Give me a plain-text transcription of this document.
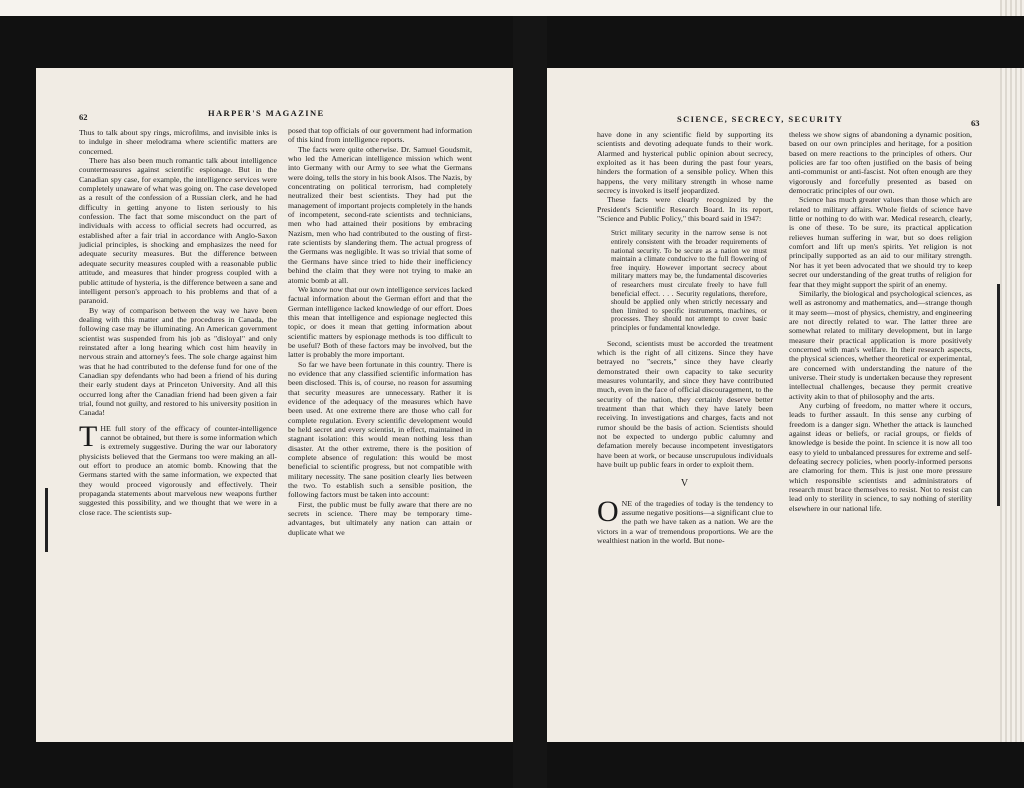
62	HARPER'S MAGAZINE

Thus to talk about spy rings, microfilms, and invisible inks is to indulge in sheer melodrama where scientific matters are concerned.

There has also been much romantic talk about intelligence countermeasures against scientific espionage. But in the Canadian spy case, for example, the intelligence services were completely unaware of what was going on. The case developed as a result of the confession of a Russian clerk, and he had difficulty in getting anyone to listen seriously to his confession. The fact that some misconduct on the part of individuals with access to official secrets had occurred, as established after a fair trial in accordance with Anglo-Saxon judicial principles, is shocking and emphasizes the need for adequate security measures. But the difference between adequate security measures coupled with a reasonable public attitude, and measures that hinder progress coupled with a public attitude of hysteria, is the difference between a sane and intelligent person's approach to his problems and that of a paranoid.

By way of comparison between the way we have been dealing with this matter and the procedures in Canada, the following case may be illuminating. An American government scientist was suspended from his job as "disloyal" and only reinstated after a long hearing which cost him heavily in nervous strain and attorney's fees. The sole charge against him was that he had contributed to the defense fund for one of the Canadian spy defendants who had been a friend of his during their early student days at Princeton University. And all this occurred long after the Canadian friend had been given a fair trial, found not guilty, and restored to his university position in Canada!

THE full story of the efficacy of counter-intelligence cannot be obtained, but there is some information which is extremely suggestive. During the war our laboratory physicists believed that the Germans too were making an all-out effort to produce an atomic bomb. Knowing that the Germans started with the same information, we expected that they would proceed vigorously and effectively. Their propaganda statements about marvelous new weapons further suggested this possibility, and we thought that we were in a close race. The scientists sup-

posed that top officials of our government had information of this kind from intelligence reports.

The facts were quite otherwise. Dr. Samuel Goudsmit, who led the American intelligence mission which went into Germany with our Army to see what the Germans were doing, tells the story in his book Alsos. The Nazis, by concentrating on political terrorism, had completely neutralized their best scientists. They had put the management of important projects completely in the hands of incompetent, second-rate scientists and technicians, men who had attained their positions by embracing Nazism, men who had contributed to the ousting of first-rate scientists by slandering them. The actual progress of the Germans was negligible. It was so trivial that some of the Germans have since tried to hide their inefficiency behind the claim that they were not trying to make an atomic bomb at all.

We know now that our own intelligence services lacked factual information about the German effort and that the German intelligence lacked knowledge of our effort. Does this mean that intelligence and espionage neglected this topic, or does it mean that getting information about scientific matters by espionage methods is too difficult to be useful? Both of these factors may be involved, but the latter is probably the more important.

So far we have been fortunate in this country. There is no evidence that any classified scientific information has been disclosed. This is, of course, no reason for assuming that security measures are unnecessary. Rather it is evidence of the adequacy of the measures which have been used. At one extreme there are those who call for complete regulation. Every scientific development would be held secret and every scientist, in effect, maintained in stagnant isolation: this would mean nothing less than disaster. At the other extreme, there is the position of complete absence of regulation: this would be most beneficial to scientific progress, but not compatible with military necessity. The sane position clearly lies between the two. To establish such a sensible position, the following factors must be taken into account:

First, the public must be fully aware that there are no secrets in science. There may be temporary time-advantages, but ultimately any nation can attain or duplicate what we

SCIENCE, SECRECY, SECURITY	63

have done in any scientific field by supporting its scientists and devoting adequate funds to their work. Alarmed and hysterical public opinion about secrecy, exploited as it has been during the past four years, hinders the formation of a sensible policy. When this happens, the very military strength in whose name secrecy is invoked is itself jeopardized.

These facts were clearly recognized by the President's Scientific Research Board. In its report, "Science and Public Policy," this board said in 1947:

Strict military security in the narrow sense is not entirely consistent with the broader requirements of national security. To be secure as a nation we must maintain a climate conducive to the full flowering of free inquiry. However important secrecy about military matters may be, the fundamental discoveries of researchers must circulate freely to have full beneficial effect. . . . Security regulations, therefore, should be applied only when strictly necessary and then limited to specific instruments, machines, or processes. They should not attempt to cover basic principles or fundamental knowledge.

Second, scientists must be accorded the treatment which is the right of all citizens. Since they have betrayed no "secrets," since they have clearly demonstrated their own capacity to take security measures voluntarily, and since they have contributed much, even in the face of official discouragement, to the security of the nation, they certainly deserve better treatment than that which they have lately been receiving. In investigations and charges, facts and not rumor should be the basis of action. Scientists should not be expected to undergo public calumny and defamation merely because incompetent investigators have been at work, or because unscrupulous individuals have built up public fears in order to exploit them.

V

ONE of the tragedies of today is the tendency to assume negative positions—a significant clue to the path we have taken as a nation. We are the victors in a war of tremendous proportions. We are the wealthiest nation in the world. But none-

theless we show signs of abandoning a dynamic position, based on our own principles and heritage, for a position based on mere reactions to the principles of others. Our policies are far too often justified on the basis of being anti-communist or anti-fascist. Not often enough are they vigorously and forcefully presented as based on democratic principles of our own.

Science has much greater values than those which are related to military affairs. Whole fields of science have little or nothing to do with war. Medical research, clearly, is one of these. To be sure, its practical application relieves human suffering in war, but so does religion comfort and lift up men's spirits. Yet religion is not principally supported as an aid to our military strength. Nor has it yet been advocated that we should try to keep secret our understanding of the great truths of religion for fear that they might support the spirit of an enemy.

Similarly, the biological and psychological sciences, as well as astronomy and mathematics, and—strange though it may seem—most of physics, chemistry, and engineering are not directly related to war. The latter three are somewhat related to military development, but in large measure their practical application is more positively concerned with man's welfare. In their research aspects, the physical sciences, whether theoretical or experimental, are concerned with understanding the nature of the universe. Their study is undertaken because they represent intellectual challenges, because they permit creative activity akin to that of philosophy and the arts.

Any curbing of freedom, no matter where it occurs, leads to further assault. In this sense any curbing of freedom is a danger sign. Whether the attack is launched against ideas or beliefs, or racial groups, or fields of knowledge is beside the point. In science it is now all too easy to yield to unbalanced pressures for extreme and self-defeating secrecy policies, when poorly-informed persons are clamoring for them. This is just one more pressure which responsible scientists and administrators of research must brace themselves to resist. Not to resist can lead only to sterility in science, to say nothing of sterility elsewhere in our national life.
